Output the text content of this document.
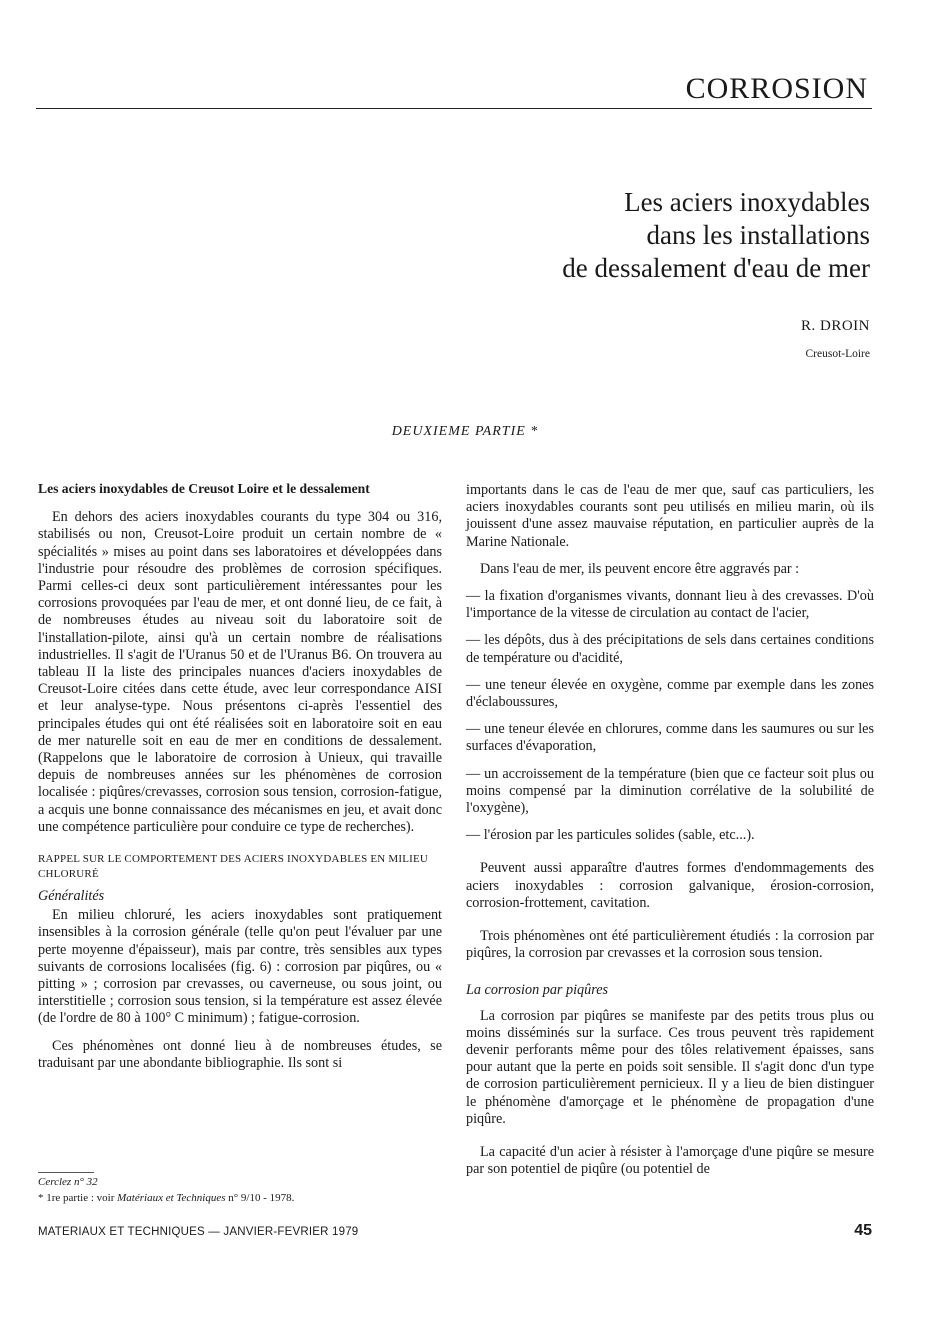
CORROSION
Les aciers inoxydables
dans les installations
de dessalement d'eau de mer
R. DROIN
Creusot-Loire
DEUXIEME PARTIE *

Les aciers inoxydables de Creusot Loire et le dessalement

En dehors des aciers inoxydables courants du type 304 ou 316, stabilisés ou non, Creusot-Loire produit un certain nombre de « spécialités » mises au point dans ses laboratoires et développées dans l'industrie pour résoudre des problèmes de corrosion spécifiques. Parmi celles-ci deux sont particulièrement intéressantes pour les corrosions provoquées par l'eau de mer, et ont donné lieu, de ce fait, à de nombreuses études au niveau soit du laboratoire soit de l'installation-pilote, ainsi qu'à un certain nombre de réalisations industrielles. Il s'agit de l'Uranus 50 et de l'Uranus B6. On trouvera au tableau II la liste des principales nuances d'aciers inoxydables de Creusot-Loire citées dans cette étude, avec leur correspondance AISI et leur analyse-type. Nous présentons ci-après l'essentiel des principales études qui ont été réalisées soit en laboratoire soit en eau de mer naturelle soit en eau de mer en conditions de dessalement. (Rappelons que le laboratoire de corrosion à Unieux, qui travaille depuis de nombreuses années sur les phénomènes de corrosion localisée : piqûres/crevasses, corrosion sous tension, corrosion-fatigue, a acquis une bonne connaissance des mécanismes en jeu, et avait donc une compétence particulière pour conduire ce type de recherches).

RAPPEL SUR LE COMPORTEMENT DES ACIERS INOXYDABLES EN MILIEU CHLORURÉ

Généralités

En milieu chloruré, les aciers inoxydables sont pratiquement insensibles à la corrosion générale (telle qu'on peut l'évaluer par une perte moyenne d'épaisseur), mais par contre, très sensibles aux types suivants de corrosions localisées (fig. 6) : corrosion par piqûres, ou « pitting » ; corrosion par crevasses, ou caverneuse, ou sous joint, ou interstitielle ; corrosion sous tension, si la température est assez élevée (de l'ordre de 80 à 100° C minimum) ; fatigue-corrosion.

Ces phénomènes ont donné lieu à de nombreuses études, se traduisant par une abondante bibliographie. Ils sont si

importants dans le cas de l'eau de mer que, sauf cas particuliers, les aciers inoxydables courants sont peu utilisés en milieu marin, où ils jouissent d'une assez mauvaise réputation, en particulier auprès de la Marine Nationale.

Dans l'eau de mer, ils peuvent encore être aggravés par :

— la fixation d'organismes vivants, donnant lieu à des crevasses. D'où l'importance de la vitesse de circulation au contact de l'acier,

— les dépôts, dus à des précipitations de sels dans certaines conditions de température ou d'acidité,

— une teneur élevée en oxygène, comme par exemple dans les zones d'éclaboussures,

— une teneur élevée en chlorures, comme dans les saumures ou sur les surfaces d'évaporation,

— un accroissement de la température (bien que ce facteur soit plus ou moins compensé par la diminution corrélative de la solubilité de l'oxygène),

— l'érosion par les particules solides (sable, etc...).

Peuvent aussi apparaître d'autres formes d'endommagements des aciers inoxydables : corrosion galvanique, érosion-corrosion, corrosion-frottement, cavitation.

Trois phénomènes ont été particulièrement étudiés : la corrosion par piqûres, la corrosion par crevasses et la corrosion sous tension.

La corrosion par piqûres

La corrosion par piqûres se manifeste par des petits trous plus ou moins disséminés sur la surface. Ces trous peuvent très rapidement devenir perforants même pour des tôles relativement épaisses, sans pour autant que la perte en poids soit sensible. Il s'agit donc d'un type de corrosion particulièrement pernicieux. Il y a lieu de bien distinguer le phénomène d'amorçage et le phénomène de propagation d'une piqûre.

La capacité d'un acier à résister à l'amorçage d'une piqûre se mesure par son potentiel de piqûre (ou potentiel de

Cerclez n° 32
* 1re partie : voir Matériaux et Techniques n° 9/10 - 1978.
MATERIAUX ET TECHNIQUES — JANVIER-FEVRIER 1979	45
